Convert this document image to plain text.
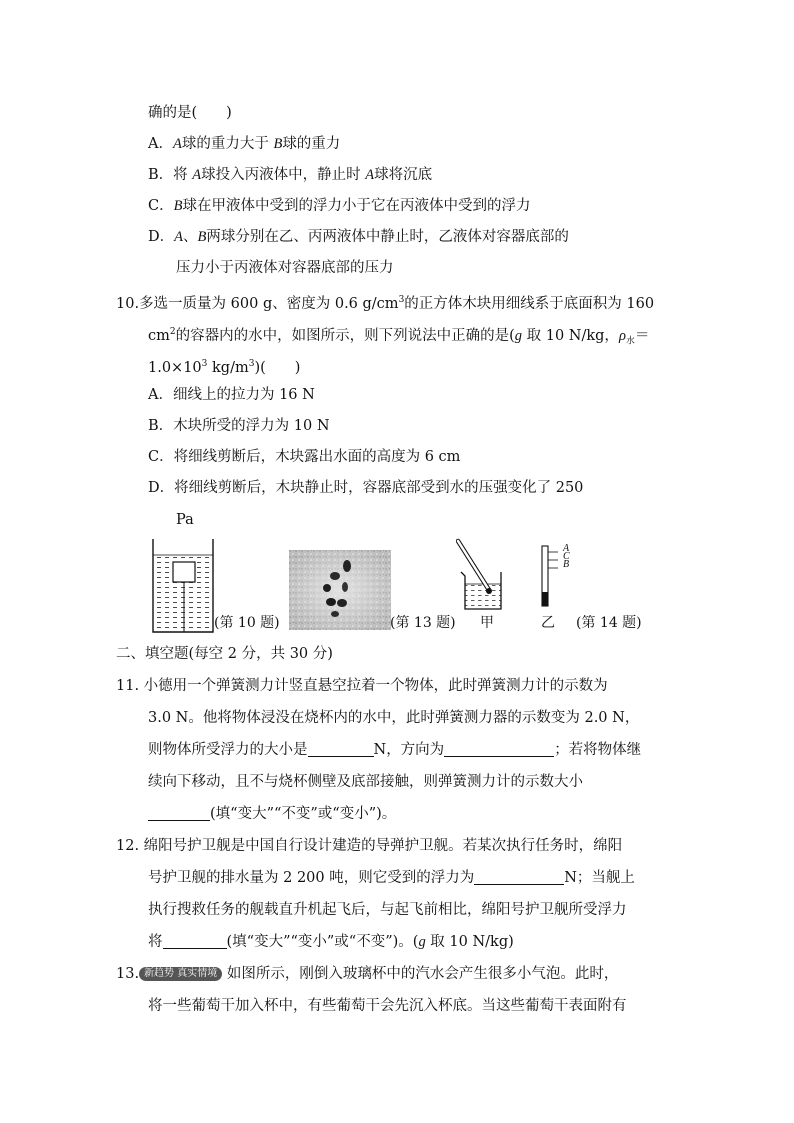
确的是(　　)
A．A球的重力大于 B球的重力
B．将 A球投入丙液体中，静止时 A球将沉底
C．B球在甲液体中受到的浮力小于它在丙液体中受到的浮力
D．A、B两球分别在乙、丙两液体中静止时，乙液体对容器底部的
压力小于丙液体对容器底部的压力
10.多选一质量为 600 g、密度为 0.6 $g/cm^3$的正方体木块用细线系于底面积为 160
$cm^2$的容器内的水中，如图所示，则下列说法中正确的是(g 取 10 N/kg，$\rho_水=$
$1.0\times 10^3$ $kg/m^3$)(　　)
A．细线上的拉力为 16 N
B．木块所受的浮力为 10 N
C．将细线剪断后，木块露出水面的高度为 6 cm
D．将细线剪断后，木块静止时，容器底部受到水的压强变化了 250
Pa
(第 10 题)	(第 13 题) 甲
A
C
B
乙 (第 14 题)
二、填空题(每空 2 分，共 30 分)
11. 小德用一个弹簧测力计竖直悬空拉着一个物体，此时弹簧测力计的示数为
3.0 N。他将物体浸没在烧杯内的水中，此时弹簧测力器的示数变为 2.0 N，
则物体所受浮力的大小是	N，方向为	；若将物体继
续向下移动，且不与烧杯侧壁及底部接触，则弹簧测力计的示数大小
(填“变大”“不变”或“变小”)。
12. 绵阳号护卫舰是中国自行设计建造的导弹护卫舰。若某次执行任务时，绵阳
号护卫舰的排水量为 2 200 吨，则它受到的浮力为	N；当舰上
执行搜救任务的舰载直升机起飞后，与起飞前相比，绵阳号护卫舰所受浮力
将	(填“变大”“变小”或“不变”)。(g 取 10 N/kg)
13. 新趋势 真实情境 如图所示，刚倒入玻璃杯中的汽水会产生很多小气泡。此时，
将一些葡萄干加入杯中，有些葡萄干会先沉入杯底。当这些葡萄干表面附有
